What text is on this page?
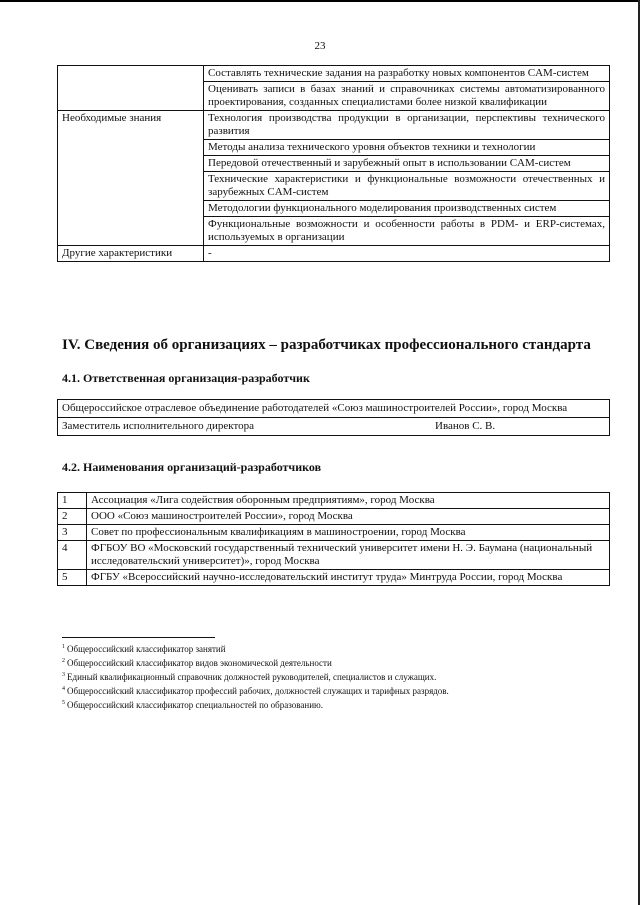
23
	Составлять технические задания на разработку новых компонентов CAM-систем
	Оценивать записи в базах знаний и справочниках системы автоматизированного проектирования, созданных специалистами более низкой квалификации
Необходимые знания	Технология производства продукции в организации, перспективы технического развития
	Методы анализа технического уровня объектов техники и технологии
	Передовой отечественный и зарубежный опыт в использовании CAM-систем
	Технические характеристики и функциональные возможности отечественных и зарубежных CAM-систем
	Методологии функционального моделирования производственных систем
	Функциональные возможности и особенности работы в PDM- и ERP-системах, используемых в организации
Другие характеристики	-
IV. Сведения об организациях – разработчиках профессионального стандарта
4.1. Ответственная организация-разработчик
Общероссийское отраслевое объединение работодателей «Союз машиностроителей России», город Москва

Заместитель исполнительного директора	Иванов С. В.
4.2. Наименования организаций-разработчиков
1	Ассоциация «Лига содействия оборонным предприятиям», город Москва
2	ООО «Союз машиностроителей России», город Москва
3	Совет по профессиональным квалификациям в машиностроении, город Москва
4	ФГБОУ ВО «Московский государственный технический университет имени Н. Э. Баумана (национальный исследовательский университет)», город Москва
5	ФГБУ «Всероссийский научно-исследовательский институт труда» Минтруда России, город Москва
$^1$ Общероссийский классификатор занятий
$^2$ Общероссийский классификатор видов экономической деятельности
$^3$ Единый квалификационный справочник должностей руководителей, специалистов и служащих.
$^4$ Общероссийский классификатор профессий рабочих, должностей служащих и тарифных разрядов.
$^5$ Общероссийский классификатор специальностей по образованию.
